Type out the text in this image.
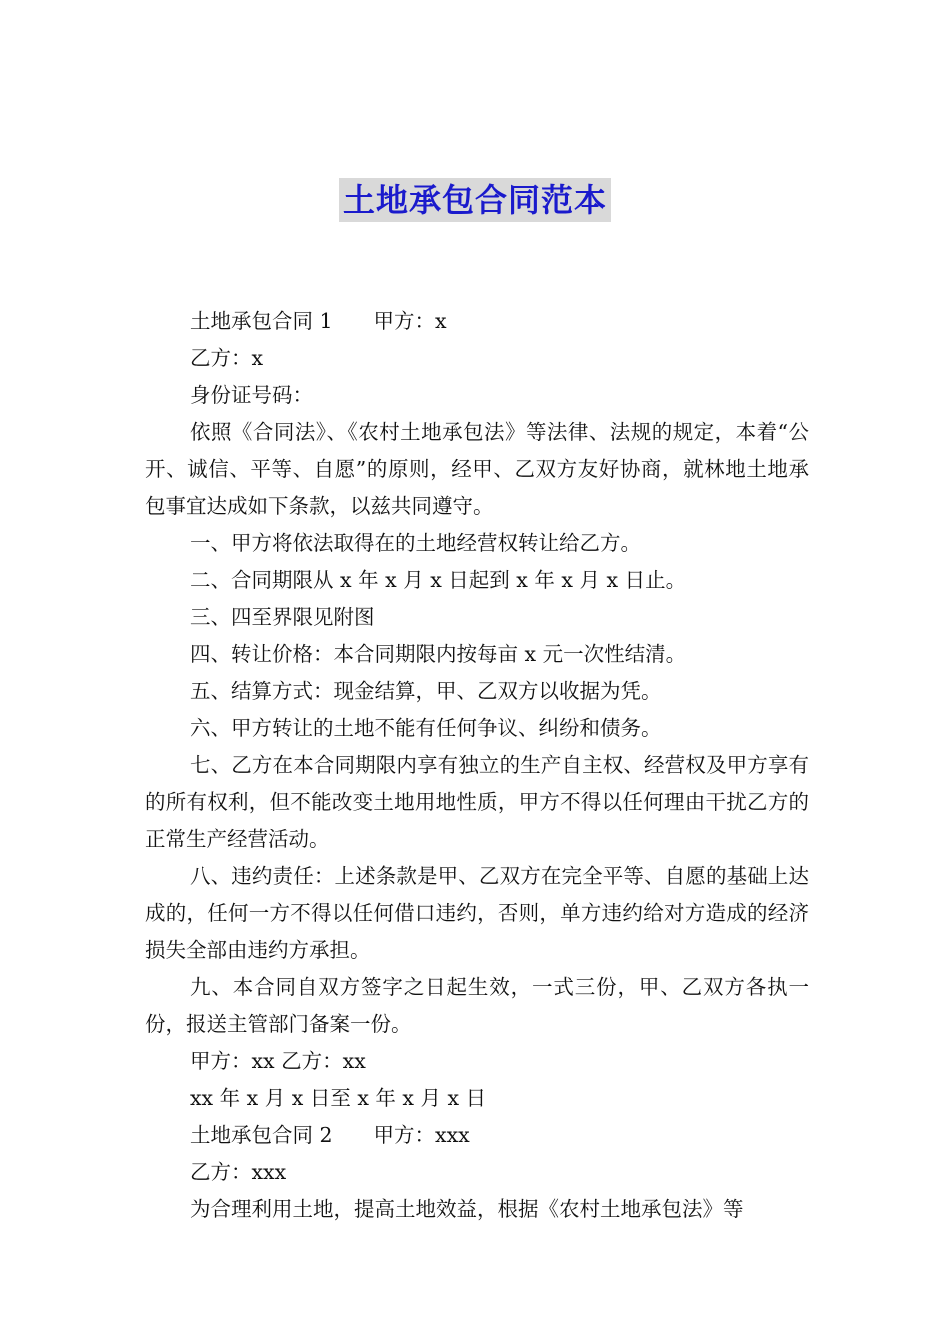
土地承包合同范本

土地承包合同 1　　甲方：x

乙方：x

身份证号码：

依照《合同法》、《农村土地承包法》等法律、法规的规定，本着“公开、诚信、平等、自愿”的原则，经甲、乙双方友好协商，就林地土地承包事宜达成如下条款，以兹共同遵守。

一、甲方将依法取得在的土地经营权转让给乙方。

二、合同期限从 x 年 x 月 x 日起到 x 年 x 月 x 日止。

三、四至界限见附图

四、转让价格：本合同期限内按每亩 x 元一次性结清。

五、结算方式：现金结算，甲、乙双方以收据为凭。

六、甲方转让的土地不能有任何争议、纠纷和债务。

七、乙方在本合同期限内享有独立的生产自主权、经营权及甲方享有的所有权利，但不能改变土地用地性质，甲方不得以任何理由干扰乙方的正常生产经营活动。

八、违约责任：上述条款是甲、乙双方在完全平等、自愿的基础上达成的，任何一方不得以任何借口违约，否则，单方违约给对方造成的经济损失全部由违约方承担。

九、本合同自双方签字之日起生效，一式三份，甲、乙双方各执一份，报送主管部门备案一份。

甲方：xx 乙方：xx

xx 年 x 月 x 日至 x 年 x 月 x 日

土地承包合同 2　　甲方：xxx

乙方：xxx

为合理利用土地，提高土地效益，根据《农村土地承包法》等
